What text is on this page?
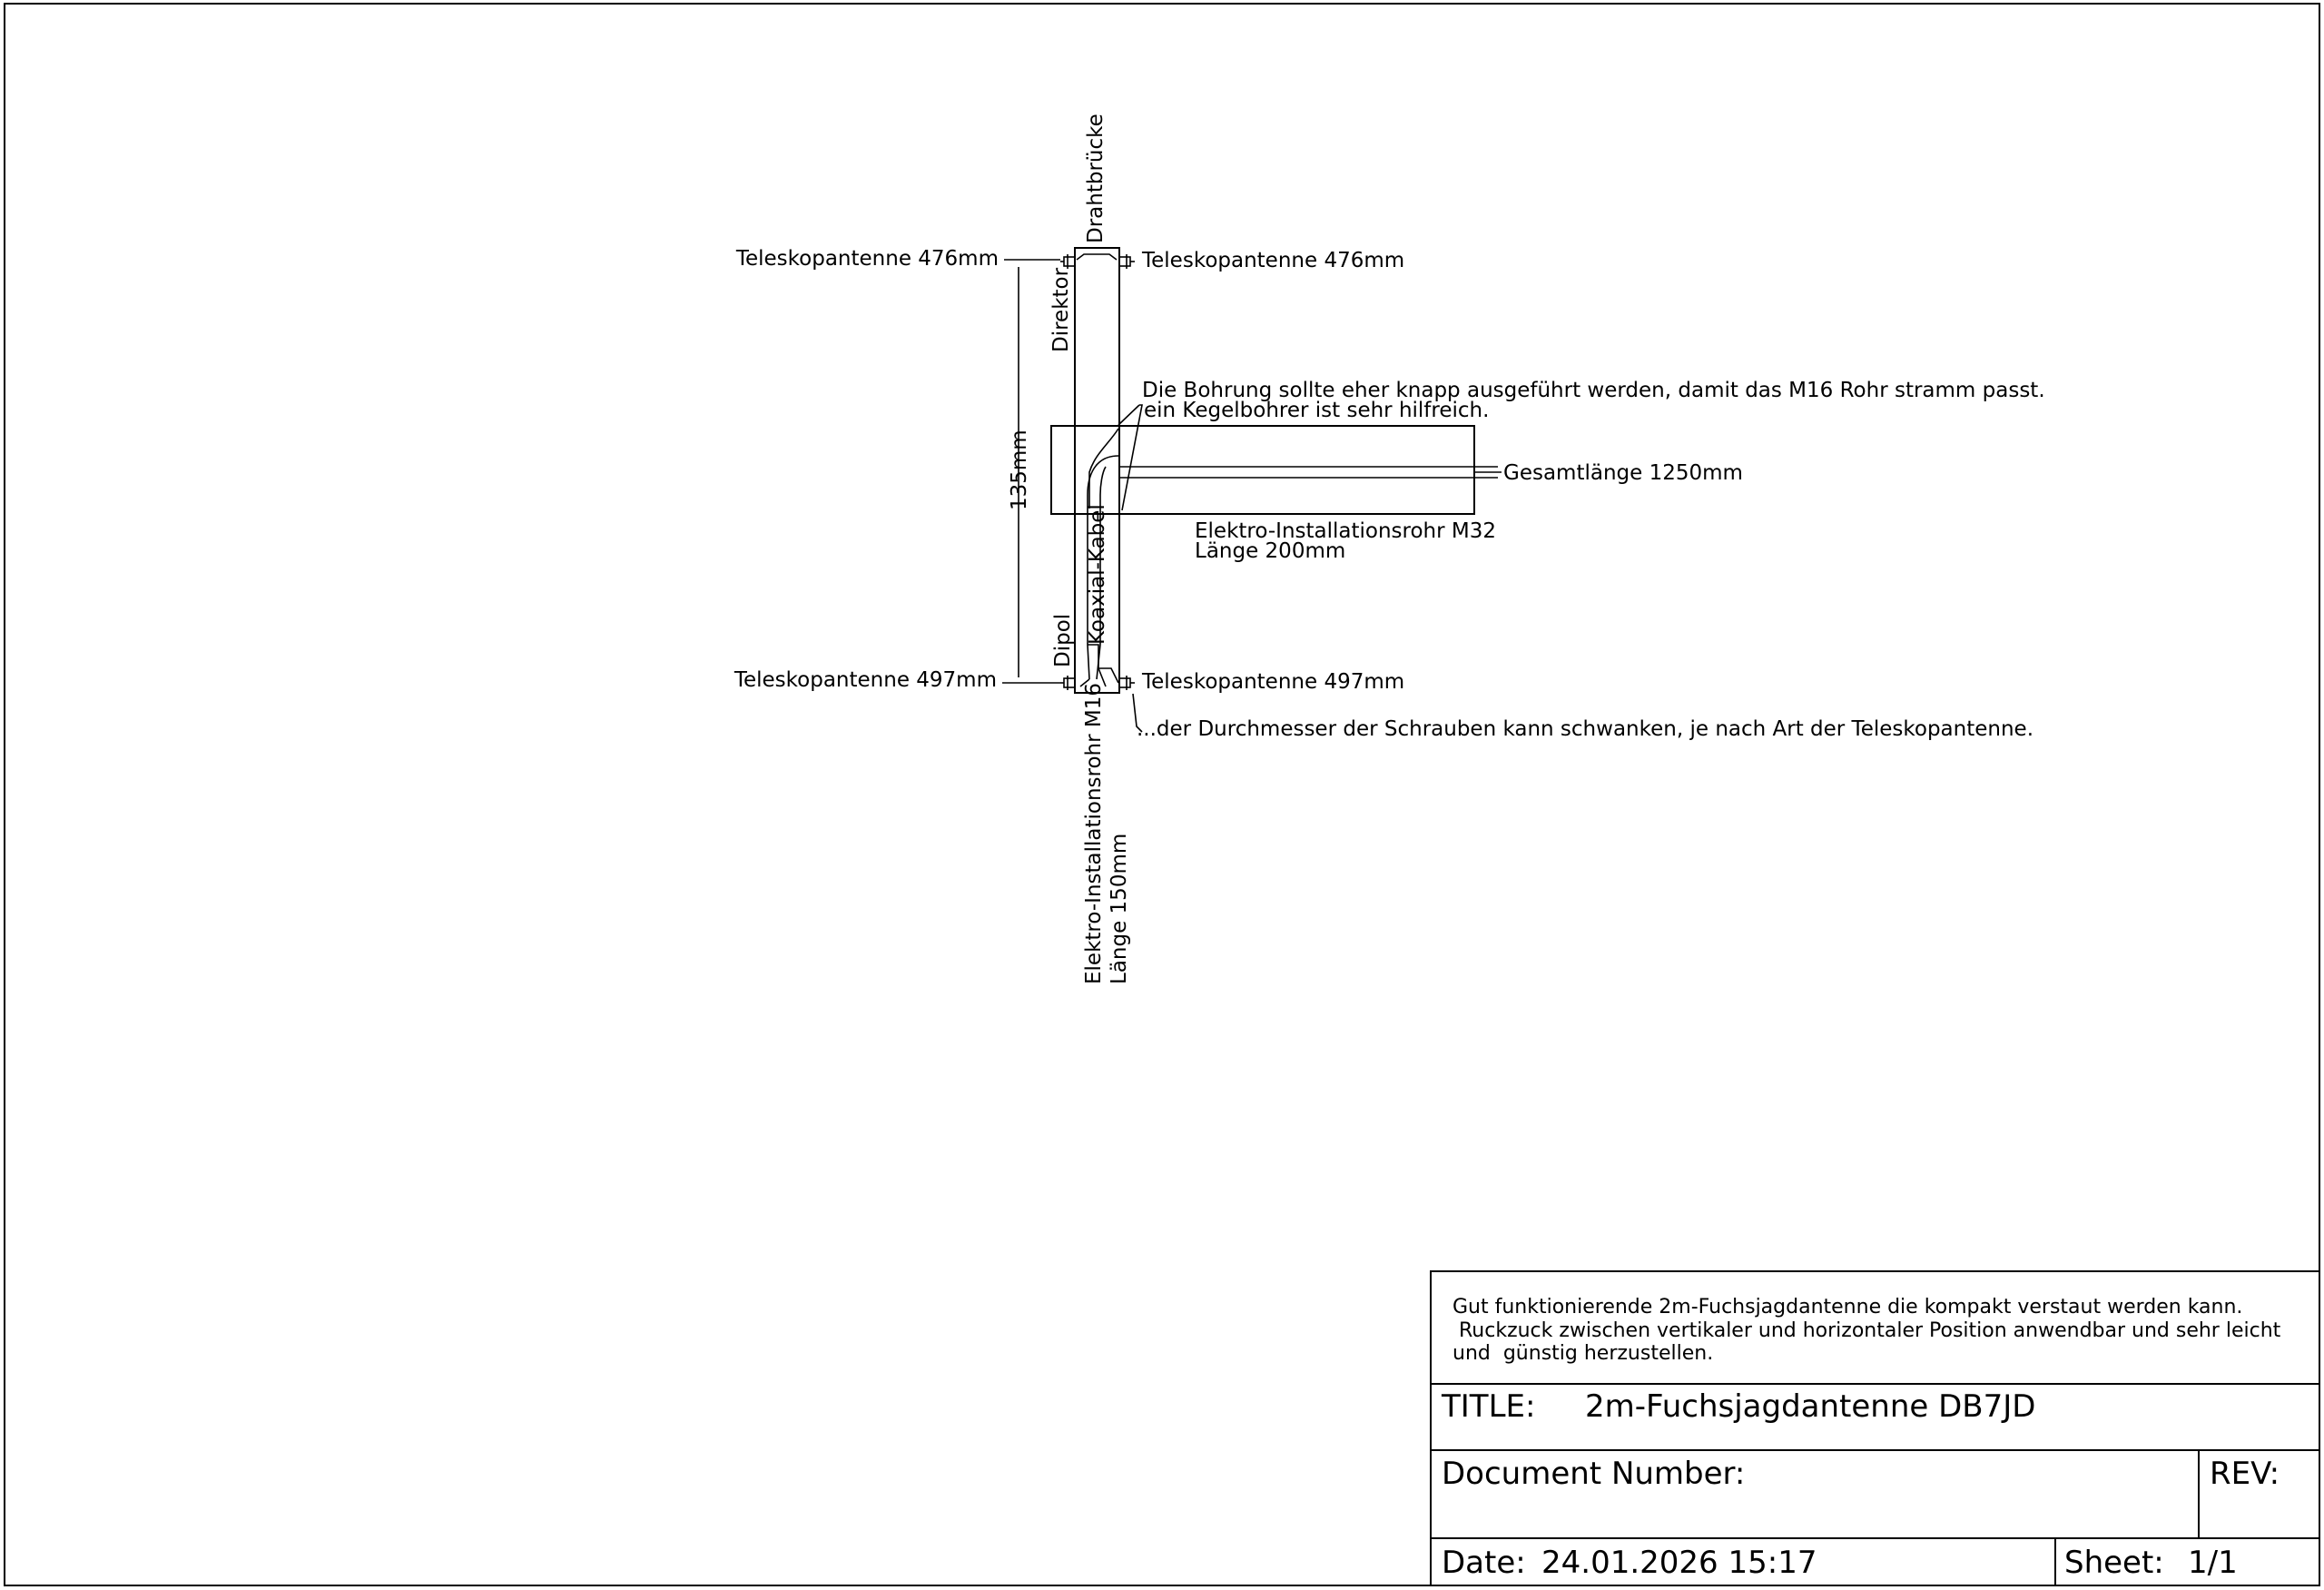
Teleskopantenne 476mm	Teleskopantenne 476mm
Teleskopantenne 497mm	Teleskopantenne 497mm
Drahtbrücke
Direktor
Dipol Koaxial-Kabel
135mm
Elektro-Installationsrohr M16 Länge 150mm
Die Bohrung sollte eher knapp ausgeführt werden, damit das M16 Rohr stramm passt.
ein Kegelbohrer ist sehr hilfreich.
Gesamtlänge 1250mm
Elektro-Installationsrohr M32
Länge 200mm
...der Durchmesser der Schrauben kann schwanken, je nach Art der Teleskopantenne.
Gut funktionierende 2m-Fuchsjagdantenne die kompakt verstaut werden kann.
Ruckzuck zwischen vertikaler und horizontaler Position anwendbar und sehr leicht
und  günstig herzustellen.
TITLE: 2m-Fuchsjagdantenne DB7JD
Document Number:	REV:
Date: 24.01.2026 15:17	Sheet: 1/1
